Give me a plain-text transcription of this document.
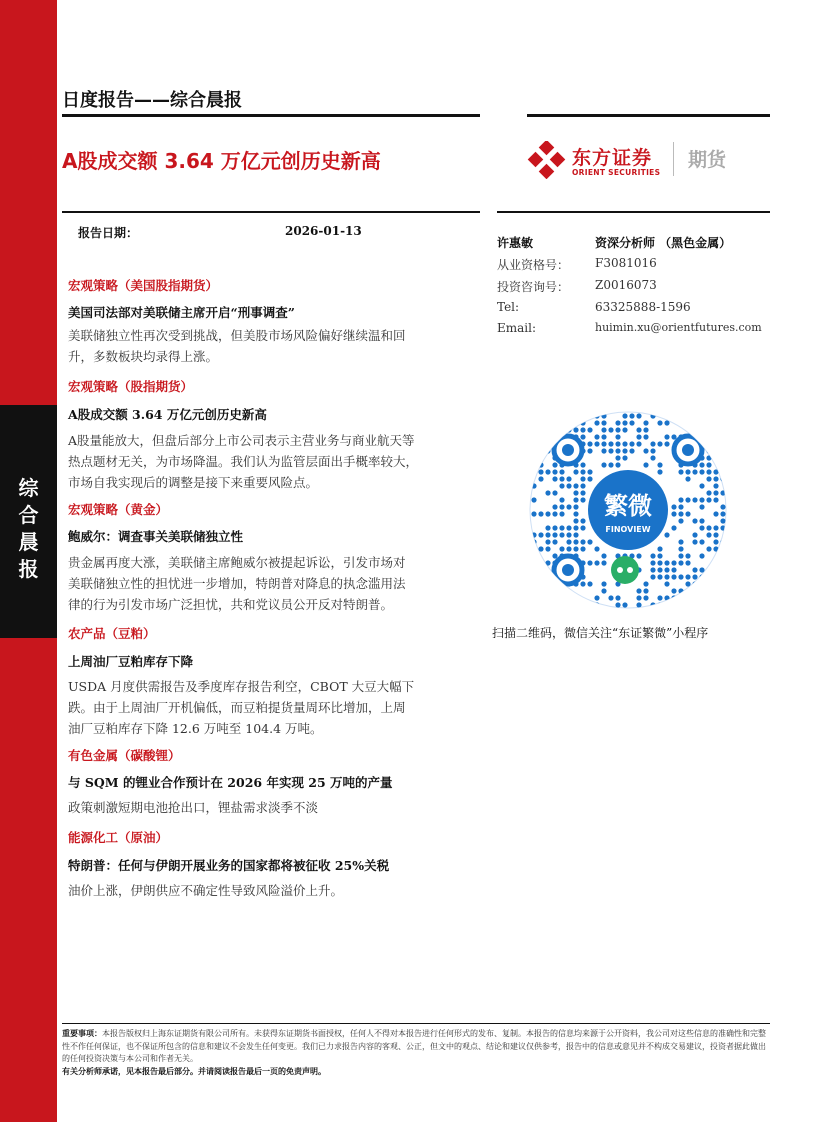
综
合
晨
报
日度报告——综合晨报
A股成交额 3.64 万亿元创历史新高	东方证券
ORIENT SECURITIES
期货
报告日期：	2026-01-13
许惠敏	资深分析师 （黑色金属）
从业资格号： F3081016
投资咨询号： Z0016073
Tel:	63325888-1596
Email:	huimin.xu@orientfutures.com
繁微
FINOVIEW
扫描二维码，微信关注“东证繁微”小程序
宏观策略（美国股指期货）
美国司法部对美联储主席开启“刑事调查”
美联储独立性再次受到挑战，但美股市场风险偏好继续温和回
升，多数板块均录得上涨。
宏观策略（股指期货）
A股成交额 3.64 万亿元创历史新高
A股量能放大，但盘后部分上市公司表示主营业务与商业航天等
热点题材无关，为市场降温。我们认为监管层面出手概率较大，
市场自我实现后的调整是接下来重要风险点。
宏观策略（黄金）
鲍威尔：调查事关美联储独立性
贵金属再度大涨，美联储主席鲍威尔被提起诉讼，引发市场对
美联储独立性的担忧进一步增加，特朗普对降息的执念滥用法
律的行为引发市场广泛担忧，共和党议员公开反对特朗普。
农产品（豆粕）
上周油厂豆粕库存下降
USDA 月度供需报告及季度库存报告利空，CBOT 大豆大幅下
跌。由于上周油厂开机偏低，而豆粕提货量周环比增加，上周
油厂豆粕库存下降 12.6 万吨至 104.4 万吨。
有色金属（碳酸锂）
与 SQM 的锂业合作预计在 2026 年实现 25 万吨的产量
政策刺激短期电池抢出口，锂盐需求淡季不淡
能源化工（原油）
特朗普：任何与伊朗开展业务的国家都将被征收 25%关税
油价上涨，伊朗供应不确定性导致风险溢价上升。
重要事项：本报告版权归上海东证期货有限公司所有。未获得东证期货书面授权，任何人不得对本报告进行任何形式的发布、复制。本报告的信息均来源于公开资料，我公司对这些信息的准确性和完整性不作任何保证，也不保证所包含的信息和建议不会发生任何变更。我们已力求报告内容的客观、公正，但文中的观点、结论和建议仅供参考，报告中的信息或意见并不构成交易建议，投资者据此做出的任何投资决策与本公司和作者无关。
有关分析师承诺，见本报告最后部分。并请阅读报告最后一页的免责声明。
